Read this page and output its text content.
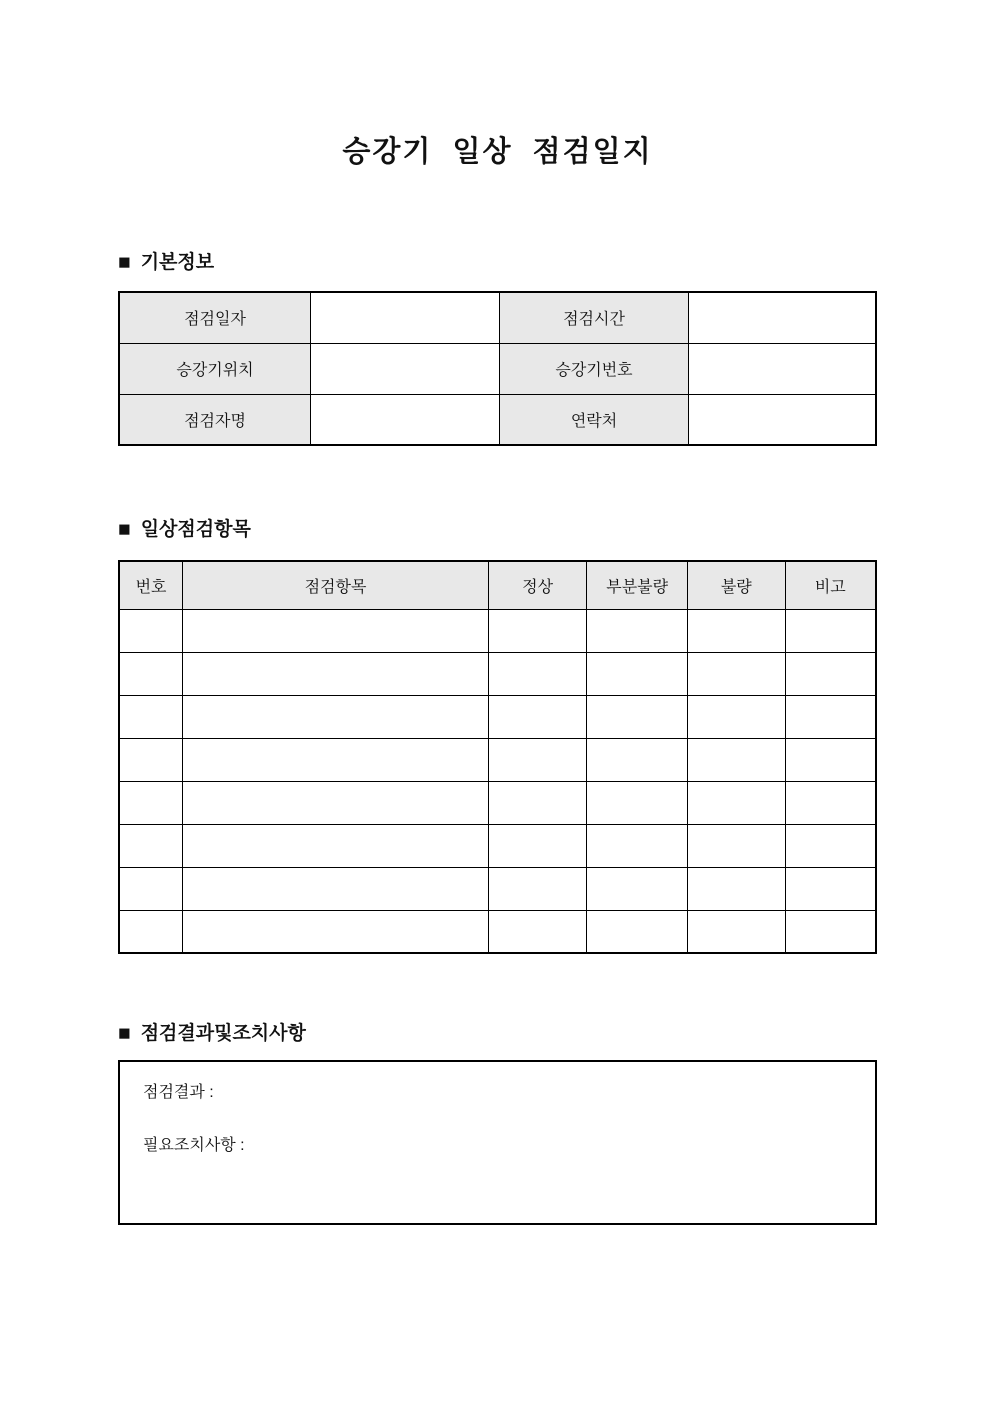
승강기 일상 점검일지
■ 기본정보
점검일자		점검시간	
승강기위치		승강기번호	
점검자명		연락처	
■ 일상점검항목
번호	점검항목	정상	부분불량	불량	비고

■ 점검결과및조치사항
점검결과 :
필요조치사항 :
